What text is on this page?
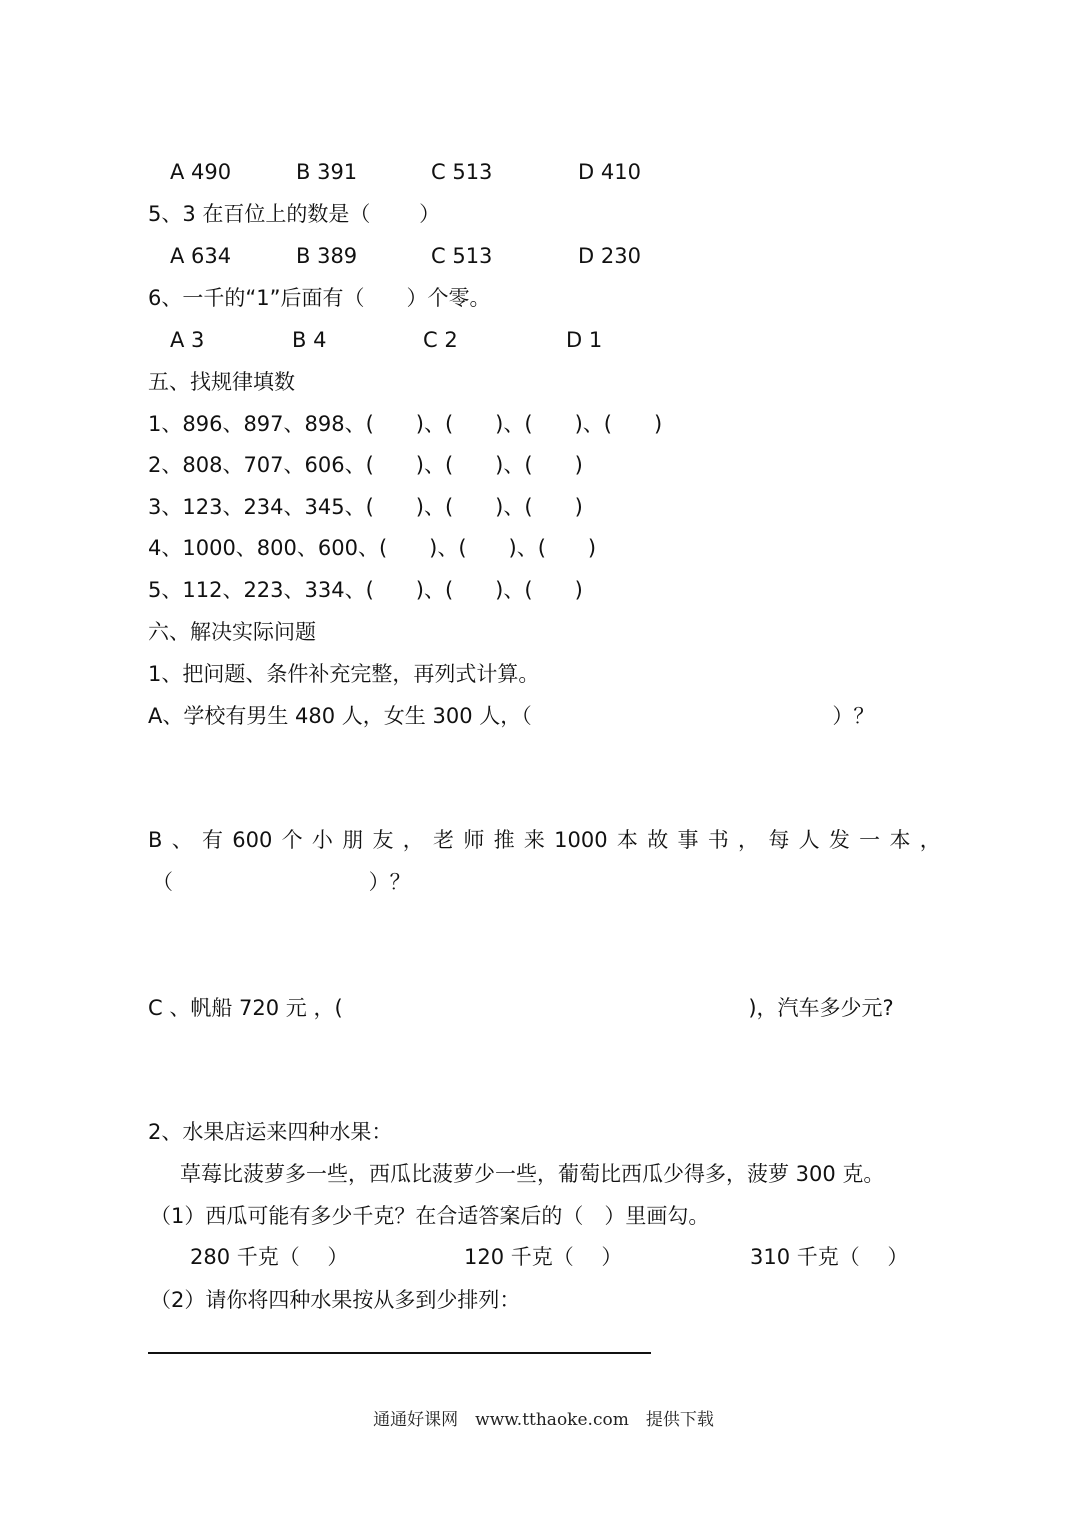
A 490	B 391	C 513	D 410
5、3 在百位上的数是（　　 ）
A 634	B 389	C 513	D 230
6、一千的“1”后面有（　　）个零。
A 3	B 4	C 2	D 1
五、找规律填数
1、896、897、898、(　　)、(　　)、(　　)、(　　)
2、808、707、606、(　　)、(　　)、(　　)
3、123、234、345、(　　)、(　　)、(　　)
4、1000、800、600、(　　)、(　　)、(　　)
5、112、223、334、(　　)、(　　)、(　　)
六、解决实际问题
1、把问题、条件补充完整，再列式计算。
A、学校有男生 480 人，女生 300 人，（　　　　　　　　　　　　　　 ）？
B 、 有 600 个 小 朋 友 ， 老 师 推 来 1000 本 故 事 书 ， 每 人 发 一 本 ，
（　　　　　　　　　 ）？
C 、帆船 720 元 ，(　　　　　　　　　　　　　　　　　　　 )，汽车多少元?
2、水果店运来四种水果：
草莓比菠萝多一些，西瓜比菠萝少一些，葡萄比西瓜少得多，菠萝 300 克。
（1）西瓜可能有多少千克？在合适答案后的（　）里画勾。
280 千克（　 ）	120 千克（　 ）	310 千克（　 ）
（2）请你将四种水果按从多到少排列：
通通好课网　www.tthaoke.com　提供下载
